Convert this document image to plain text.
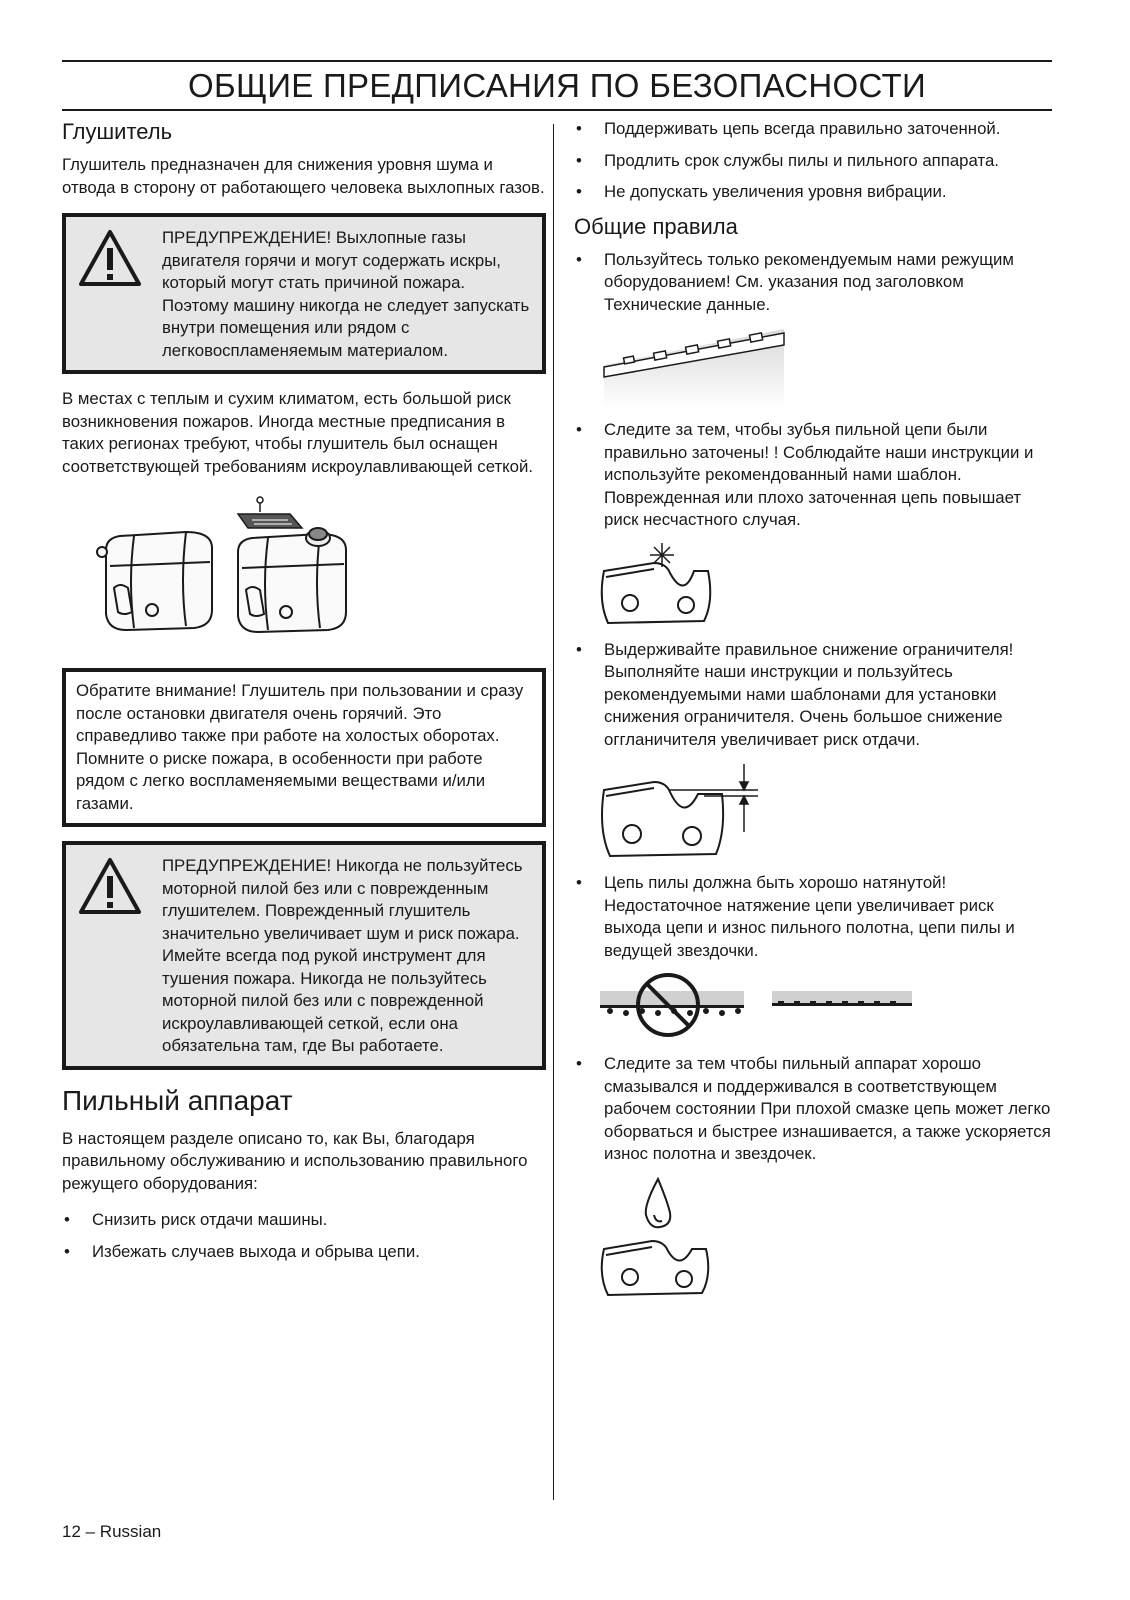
ОБЩИЕ ПРЕДПИСАНИЯ ПО БЕЗОПАСНОСТИ
Глушитель

Глушитель предназначен для снижения уровня шума и отвода в сторону от работающего человека выхлопных газов.

ПРЕДУПРЕЖДЕНИЕ! Выхлопные газы двигателя горячи и могут содержать искры, который могут стать причиной пожара. Поэтому машину никогда не следует запускать внутри помещения или рядом с легковоспламеняемым материалом.

В местах с теплым и сухим климатом, есть большой риск возникновения пожаров. Иногда местные предписания в таких регионах требуют, чтобы глушитель был оснащен соответствующей требованиям искроулавливающей сеткой.

Обратите внимание! Глушитель при пользовании и сразу после остановки двигателя очень горячий. Это справедливо также при работе на холостых оборотах. Помните о риске пожара, в особенности при работе рядом с легко воспламеняемыми веществами и/или газами.

ПРЕДУПРЕЖДЕНИЕ! Никогда не пользуйтесь моторной пилой без или с поврежденным глушителем. Поврежденный глушитель значительно увеличивает шум и риск пожара. Имейте всегда под рукой инструмент для тушения пожара. Никогда не пользуйтесь моторной пилой без или с поврежденной искроулавливающей сеткой, если она обязательна там, где Вы работаете.

Пильный аппарат

В настоящем разделе описано то, как Вы, благодаря правильному обслуживанию и использованию правильного режущего оборудования:

• Снизить риск отдачи машины.
• Избежать случаев выхода и обрыва цепи.
• Поддерживать цепь всегда правильно заточенной.
• Продлить срок службы пилы и пильного аппарата.
• Не допускать увеличения уровня вибрации.
Общие правила
• Пользуйтесь только рекомендуемым нами режущим оборудованием! См. указания под заголовком Технические данные.
• Следите за тем, чтобы зубья пильной цепи были правильно заточены! ! Соблюдайте наши инструкции и используйте рекомендованный нами шаблон. Поврежденная или плохо заточенная цепь повышает риск несчастного случая.
• Выдерживайте правильное снижение ограничителя! Выполняйте наши инструкции и пользуйтесь рекомендуемыми нами шаблонами для установки снижения ограничителя. Очень большое снижение оггланичителя увеличивает риск отдачи.
• Цепь пилы должна быть хорошо натянутой!Недостаточное натяжение цепи увеличивает риск выхода цепи и износ пильного полотна, цепи пилы и ведущей звездочки.
• Следите за тем чтобы пильный аппарат хорошо смазывался и поддерживался в соответствующем рабочем состоянии При плохой смазке цепь может легко оборваться и быстрее изнашивается, а также ускоряется износ полотна и звездочек.
12 – Russian
